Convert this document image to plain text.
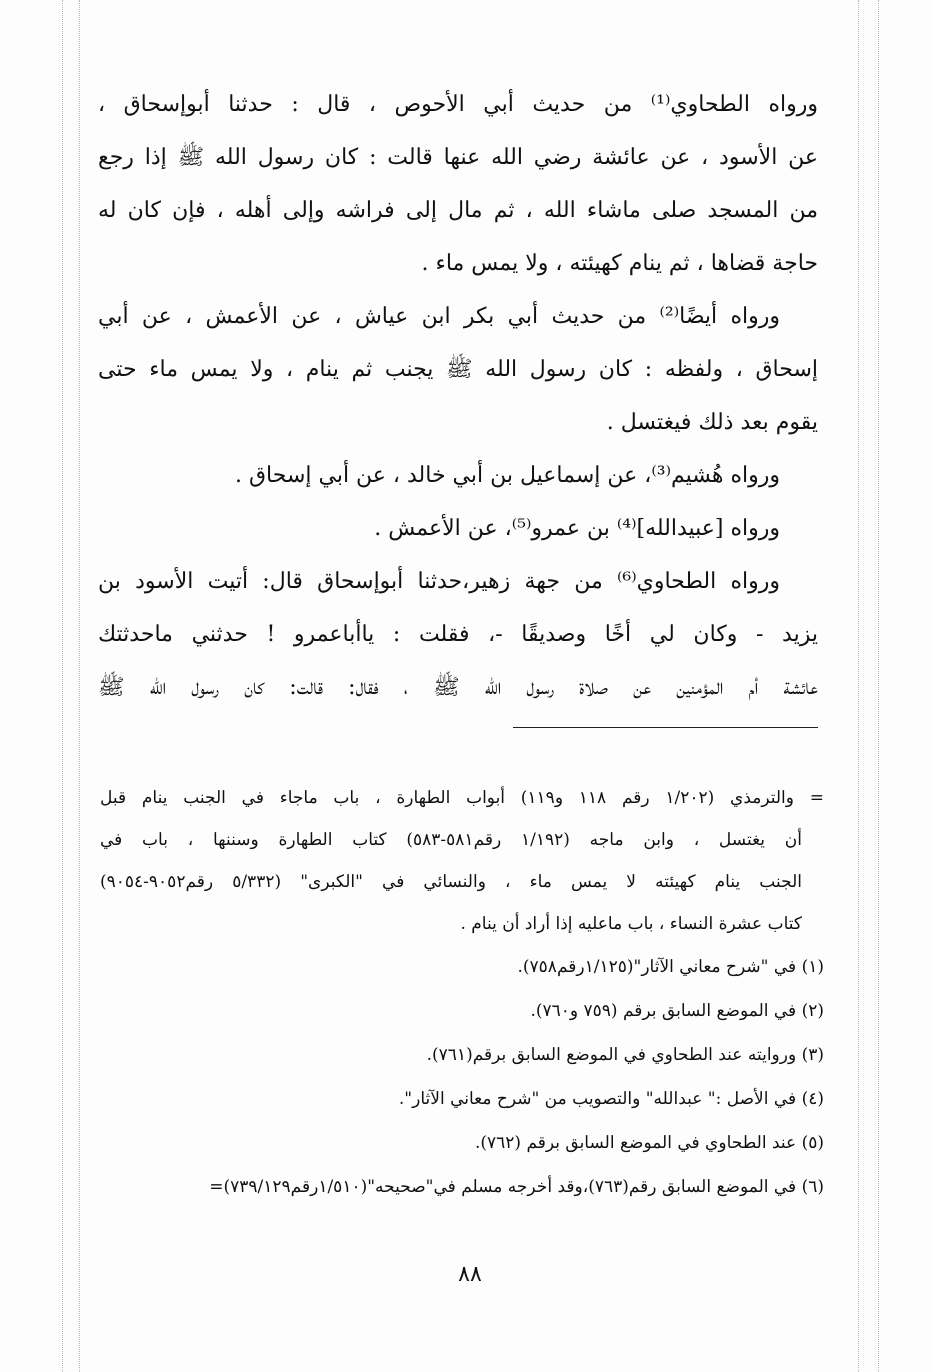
ورواه الطحاوي⁽¹⁾ من حديث أبي الأحوص ، قال : حدثنا أبوإسحاق ،
عن الأسود ، عن عائشة رضي الله عنها قالت : كان رسول الله ﷺ إذا رجع
من المسجد صلى ماشاء الله ، ثم مال إلى فراشه وإلى أهله ، فإن كان له
حاجة قضاها ، ثم ينام كهيئته ، ولا يمس ماء .
ورواه أيضًا⁽²⁾ من حديث أبي بكر ابن عياش ، عن الأعمش ، عن أبي
إسحاق ، ولفظه : كان رسول الله ﷺ يجنب ثم ينام ، ولا يمس ماء حتى
يقوم بعد ذلك فيغتسل .
ورواه هُشيم⁽³⁾، عن إسماعيل بن أبي خالد ، عن أبي إسحاق .
ورواه [عبيدالله]⁽⁴⁾ بن عمرو⁽⁵⁾، عن الأعمش .
ورواه الطحاوي⁽⁶⁾ من جهة زهير،حدثنا أبوإسحاق قال: أتيت الأسود بن
يزيد - وكان لي أخًا وصديقًا -، فقلت : ياأباعمرو ! حدثني ماحدثتك
عائشة أم المؤمنين عن صلاة رسول الله ﷺ ، فقال: قالت: كان رسول الله ﷺ
= والترمذي (١/٢٠٢ رقم ١١٨ و١١٩) أبواب الطهارة ، باب ماجاء في الجنب ينام قبل
أن يغتسل ، وابن ماجه (١/١٩٢ رقم٥٨١-٥٨٣) كتاب الطهارة وسننها ، باب في
الجنب ينام كهيئته لا يمس ماء ، والنسائي في "الكبرى" (٥/٣٣٢ رقم٩٠٥٢-٩٠٥٤)
كتاب عشرة النساء ، باب ماعليه إذا أراد أن ينام .
(١) في "شرح معاني الآثار"(١/١٢٥رقم٧٥٨).
(٢) في الموضع السابق برقم (٧٥٩ و٧٦٠).
(٣) وروايته عند الطحاوي في الموضع السابق برقم(٧٦١).
(٤) في الأصل :" عبدالله" والتصويب من "شرح معاني الآثار".
(٥) عند الطحاوي في الموضع السابق برقم (٧٦٢).
(٦) في الموضع السابق رقم(٧٦٣)،وقد أخرجه مسلم في"صحيحه"(١/٥١٠رقم٧٣٩/١٢٩)=
٨٨
